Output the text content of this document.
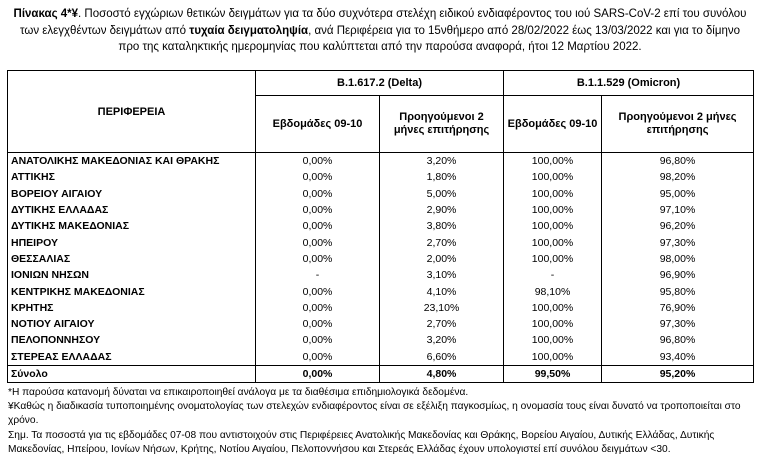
Πίνακας 4*¥. Ποσοστό εγχώριων θετικών δειγμάτων για τα δύο συχνότερα στελέχη ειδικού ενδιαφέροντος του ιού SARS-CoV-2 επί του συνόλου των ελεγχθέντων δειγμάτων από τυχαία δειγματοληψία, ανά Περιφέρεια για το 15νθήμερο από 28/02/2022 έως 13/03/2022 και για το δίμηνο προ της καταληκτικής ημερομηνίας που καλύπτεται από την παρούσα αναφορά, ήτοι 12 Μαρτίου 2022.
ΠΕΡΙΦΕΡΕΙΑ	B.1.617.2 (Delta)		B.1.1.529 (Omicron)	
	Εβδομάδες 09-10	Προηγούμενοι 2 μήνες επιτήρησης	Εβδομάδες 09-10	Προηγούμενοι 2 μήνες επιτήρησης
ΑΝΑΤΟΛΙΚΗΣ ΜΑΚΕΔΟΝΙΑΣ ΚΑΙ ΘΡΑΚΗΣ	0,00%	3,20%	100,00%	96,80%
ΑΤΤΙΚΗΣ	0,00%	1,80%	100,00%	98,20%
ΒΟΡΕΙΟΥ ΑΙΓΑΙΟΥ	0,00%	5,00%	100,00%	95,00%
ΔΥΤΙΚΗΣ ΕΛΛΑΔΑΣ	0,00%	2,90%	100,00%	97,10%
ΔΥΤΙΚΗΣ ΜΑΚΕΔΟΝΙΑΣ	0,00%	3,80%	100,00%	96,20%
ΗΠΕΙΡΟΥ	0,00%	2,70%	100,00%	97,30%
ΘΕΣΣΑΛΙΑΣ	0,00%	2,00%	100,00%	98,00%
ΙΟΝΙΩΝ ΝΗΣΩΝ	-	3,10%	-	96,90%
ΚΕΝΤΡΙΚΗΣ ΜΑΚΕΔΟΝΙΑΣ	0,00%	4,10%	98,10%	95,80%
ΚΡΗΤΗΣ	0,00%	23,10%	100,00%	76,90%
ΝΟΤΙΟΥ ΑΙΓΑΙΟΥ	0,00%	2,70%	100,00%	97,30%
ΠΕΛΟΠΟΝΝΗΣΟΥ	0,00%	3,20%	100,00%	96,80%
ΣΤΕΡΕΑΣ ΕΛΛΑΔΑΣ	0,00%	6,60%	100,00%	93,40%
Σύνολο	0,00%	4,80%	99,50%	95,20%

*Η παρούσα κατανομή δύναται να επικαιροποιηθεί ανάλογα με τα διαθέσιμα επιδημιολογικά δεδομένα.

¥Καθώς η διαδικασία τυποποιημένης ονοματολογίας των στελεχών ενδιαφέροντος είναι σε εξέλιξη παγκοσμίως, η ονομασία τους είναι δυνατό να τροποποιείται στο χρόνο.

Σημ. Τα ποσοστά για τις εβδομάδες 07-08 που αντιστοιχούν στις Περιφέρειες Ανατολικής Μακεδονίας και Θράκης, Βορείου Αιγαίου, Δυτικής Ελλάδας, Δυτικής Μακεδονίας, Ηπείρου, Ιονίων Νήσων, Κρήτης, Νοτίου Αιγαίου, Πελοποννήσου και Στερεάς Ελλάδας έχουν υπολογιστεί επί συνόλου δειγμάτων <30.
